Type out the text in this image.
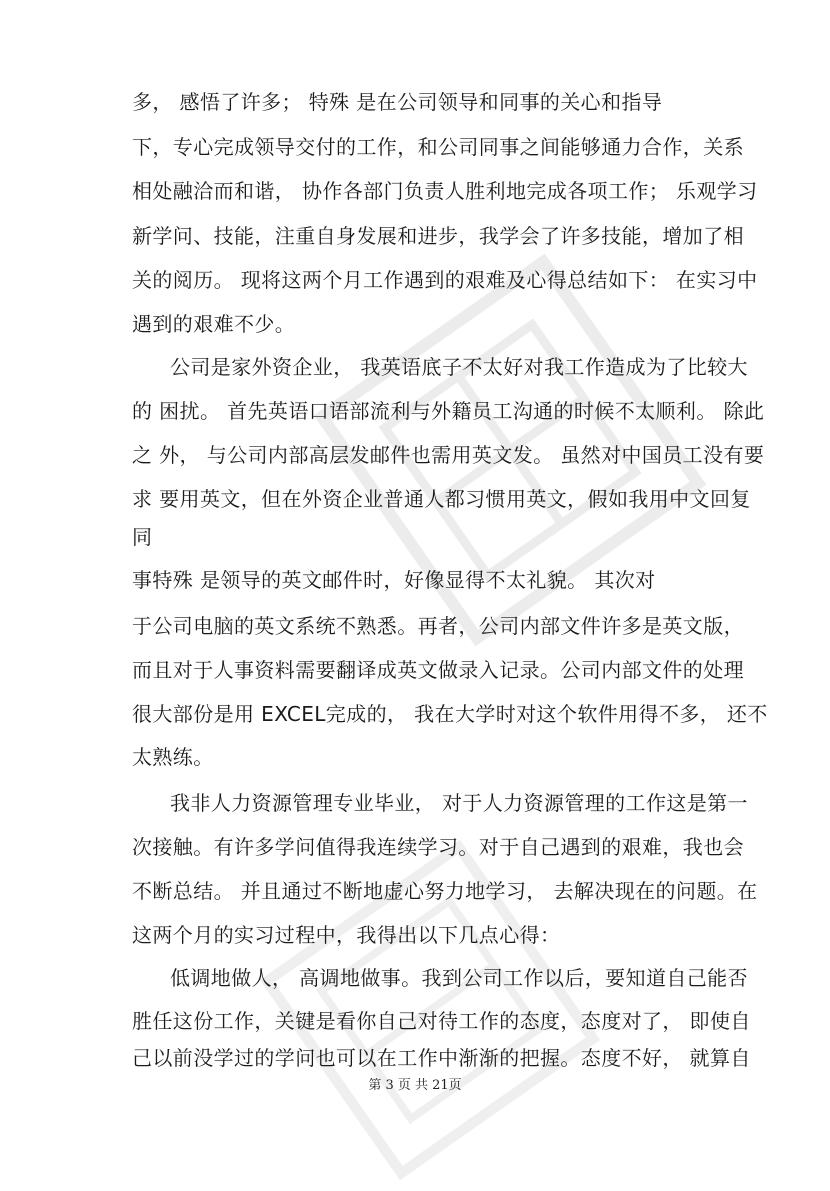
多， 感悟了许多； 特殊 是在公司领导和同事的关心和指导
下，专心完成领导交付的工作，和公司同事之间能够通力合作，关系
相处融洽而和谐， 协作各部门负责人胜利地完成各项工作； 乐观学习
新学问、技能，注重自身发展和进步，我学会了许多技能，增加了相
关的阅历。 现将这两个月工作遇到的艰难及心得总结如下： 在实习中
遇到的艰难不少。
公司是家外资企业， 我英语底子不太好对我工作造成为了比较大
的 困扰。 首先英语口语部流利与外籍员工沟通的时候不太顺利。 除此
之 外， 与公司内部高层发邮件也需用英文发。 虽然对中国员工没有要
求 要用英文，但在外资企业普通人都习惯用英文，假如我用中文回复
同
事特殊 是领导的英文邮件时，好像显得不太礼貌。 其次对
于公司电脑的英文系统不熟悉。再者，公司内部文件许多是英文版，
而且对于人事资料需要翻译成英文做录入记录。公司内部文件的处理
很大部份是用 EXCEL完成的， 我在大学时对这个软件用得不多， 还不
太熟练。
我非人力资源管理专业毕业， 对于人力资源管理的工作这是第一
次接触。有许多学问值得我连续学习。对于自己遇到的艰难，我也会
不断总结。 并且通过不断地虚心努力地学习， 去解决现在的问题。在
这两个月的实习过程中，我得出以下几点心得：
低调地做人， 高调地做事。我到公司工作以后，要知道自己能否
胜任这份工作，关键是看你自己对待工作的态度，态度对了， 即使自
己以前没学过的学问也可以在工作中渐渐的把握。态度不好， 就算自
第 3 页 共 21页
